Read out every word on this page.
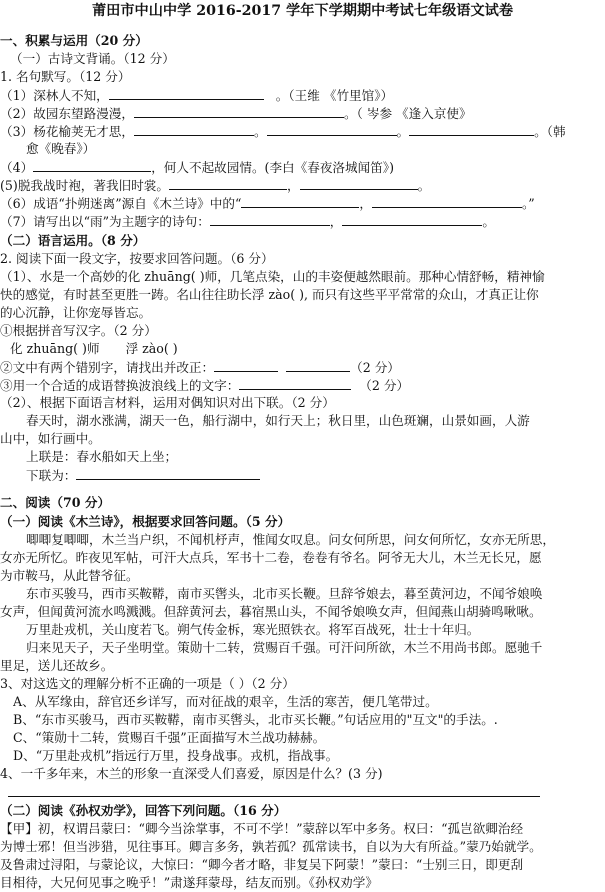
莆田市中山中学 2016-2017 学年下学期期中考试七年级语文试卷
一、积累与运用（20 分）
（一）古诗文背诵。（12 分）
1. 名句默写。（12 分）
（1）深林人不知，	。（王维 《竹里馆》）
（2）故园东望路漫漫，	。（ 岑参 《逢入京使》
（3）杨花榆荚无才思，	。	。	。（韩
愈《晚春》）
（4）	，何人不起故园情。(李白《春夜洛城闻笛》)
(5)脱我战时袍，著我旧时裳。	，	。
（6）成语“扑朔迷离”源自《木兰诗》中的“	，	。”
（7）请写出以“雨”为主题字的诗句：	，	。
（二）语言运用。（8 分）
2. 阅读下面一段文字，按要求回答问题。（6 分）
（1）、水是一个高妙的化 zhuāng( )师，几笔点染，山的丰姿便越然眼前。那种心情舒畅，精神愉
快的感觉，有时甚至更胜一踌。名山往往助长浮 zào( ), 而只有这些平平常常的众山，才真正让你
的心沉静，让你宠辱皆忘。
①根据拼音写汉字。（2 分）
化 zhuāng( )师 浮 zào( )
②文中有两个错别字，请找出并改正：	（2 分）
③用一个合适的成语替换波浪线上的文字：	（2 分）
（2）、根据下面语言材料，运用对偶知识对出下联。（2 分）
春天时，湖水涨满，湖天一色，船行湖中，如行天上；秋日里，山色斑斓，山景如画，人游
山中，如行画中。
上联是：春水船如天上坐；
下联为：
二、阅读（70 分）
（一）阅读《木兰诗》，根据要求回答问题。（5 分）
唧唧复唧唧，木兰当户织，不闻机杼声，惟闻女叹息。问女何所思，问女何所忆，女亦无所思，
女亦无所忆。昨夜见军帖，可汗大点兵，军书十二卷，卷卷有爷名。阿爷无大儿，木兰无长兄，愿
为市鞍马，从此替爷征。
东市买骏马，西市买鞍鞯，南市买辔头，北市买长鞭。旦辞爷娘去，暮至黄河边，不闻爷娘唤
女声，但闻黄河流水鸣溅溅。但辞黄河去，暮宿黑山头，不闻爷娘唤女声，但闻燕山胡骑鸣啾啾。
万里赴戎机，关山度若飞。朔气传金柝，寒光照铁衣。将军百战死，壮士十年归。
归来见天子，天子坐明堂。策勋十二转，赏赐百千强。可汗问所欲，木兰不用尚书郎。愿驰千
里足，送儿还故乡。
3、对这选文的理解分析不正确的一项是（ ）（2 分）
A、从军缘由，辞官还乡详写，而对征战的艰辛，生活的寒苦，便几笔带过。
B、“东市买骏马，西市买鞍鞯，南市买辔头，北市买长鞭。”句话应用的"互文"的手法。.
C、“策勋十二转，赏赐百千强”正面描写木兰战功赫赫。
D、“万里赴戎机”指远行万里，投身战事。戎机，指战事。
4、一千多年来，木兰的形象一直深受人们喜爱，原因是什么？(3 分)
（二）阅读《孙权劝学》，回答下列问题。（16 分）
【甲】初，权谓吕蒙曰：“卿今当涂掌事，不可不学！”蒙辞以军中多务。权曰：“孤岂欲卿治经
为博士邪！但当涉猎，见往事耳。卿言多务，孰若孤？孤常读书，自以为大有所益。”蒙乃始就学。
及鲁肃过浔阳，与蒙论议，大惊曰：“卿今者才略，非复吴下阿蒙！”蒙曰：“士别三日，即更刮
目相待，大兄何见事之晚乎！”肃遂拜蒙母，结友而别。《孙权劝学》
